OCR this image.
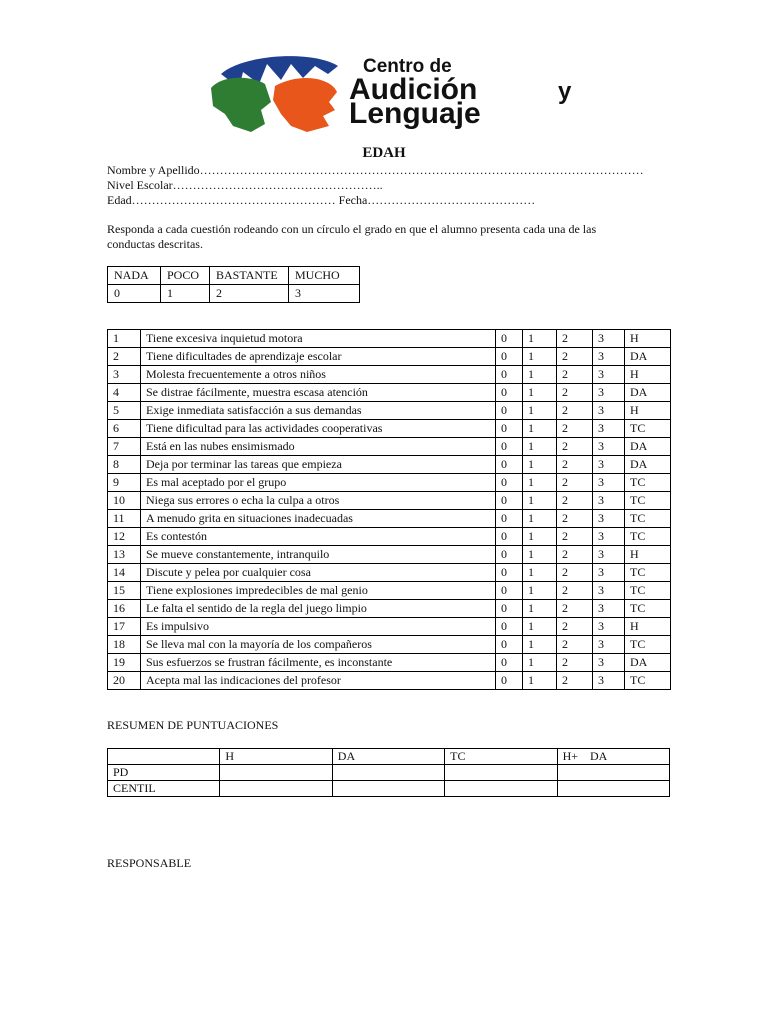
Centro de
Audición	y
Lenguaje
EDAH
Nombre y Apellido…………………………………………………………………………………………………
Nivel Escolar……………………………………………..
Edad…………………………………………… Fecha……………………………………
Responda a cada cuestión rodeando con un círculo el grado en que el alumno presenta cada una de las
conductas descritas.
NADA	POCO	BASTANTE	MUCHO
0	1	2	3
1	Tiene excesiva inquietud motora	0	1	2	3	H
2	Tiene dificultades de aprendizaje escolar	0	1	2	3	DA
3	Molesta frecuentemente a otros niños	0	1	2	3	H
4	Se distrae fácilmente, muestra escasa atención	0	1	2	3	DA
5	Exige inmediata satisfacción a sus demandas	0	1	2	3	H
6	Tiene dificultad para las actividades cooperativas	0	1	2	3	TC
7	Está en las nubes ensimismado	0	1	2	3	DA
8	Deja por terminar las tareas que empieza	0	1	2	3	DA
9	Es mal aceptado por el grupo	0	1	2	3	TC
10	Niega sus errores o echa la culpa a otros	0	1	2	3	TC
11	A menudo grita en situaciones inadecuadas	0	1	2	3	TC
12	Es contestón	0	1	2	3	TC
13	Se mueve constantemente, intranquilo	0	1	2	3	H
14	Discute y pelea por cualquier cosa	0	1	2	3	TC
15	Tiene explosiones impredecibles de mal genio	0	1	2	3	TC
16	Le falta el sentido de la regla del juego limpio	0	1	2	3	TC
17	Es impulsivo	0	1	2	3	H
18	Se lleva mal con la mayoría de los compañeros	0	1	2	3	TC
19	Sus esfuerzos se frustran fácilmente, es inconstante	0	1	2	3	DA
20	Acepta mal las indicaciones del profesor	0	1	2	3	TC
RESUMEN DE PUNTUACIONES
	H	DA	TC	H+    DA
PD				
CENTIL				
RESPONSABLE
